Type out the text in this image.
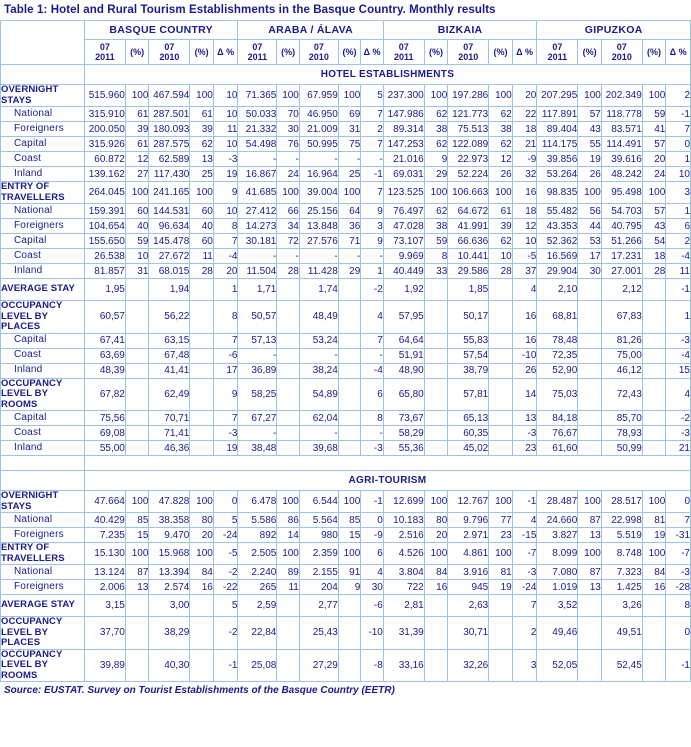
Table 1: Hotel and Rural Tourism Establishments in the Basque Country. Monthly results
	BASQUE COUNTRY					ARABA / ÁLAVA					BIZKAIA					GIPUZKOA				

	07
2011	(%)	07
2010	(%)	Δ %	07
2011	(%)	07
2010	(%)	Δ %	07
2011	(%)	07
2010	(%)	Δ %	07
2011	(%)	07
2010	(%)	Δ %
	HOTEL ESTABLISHMENTS																			
OVERNIGHT STAYS	515.960	100	467.594	100	10	71.365	100	67.959	100	5	237.300	100	197.286	100	20	207.295	100	202.349	100	2
National	315.910	61	287.501	61	10	50.033	70	46.950	69	7	147.986	62	121.773	62	22	117.891	57	118.778	59	-1
Foreigners	200.050	39	180.093	39	11	21.332	30	21.009	31	2	89.314	38	75.513	38	18	89.404	43	83.571	41	7
Capital	315.926	61	287.575	62	10	54.498	76	50.995	75	7	147.253	62	122.089	62	21	114.175	55	114.491	57	0
Coast	60.872	12	62.589	13	-3	-	-	-	-	-	21.016	9	22.973	12	-9	39.856	19	39.616	20	1
Inland	139.162	27	117.430	25	19	16.867	24	16.964	25	-1	69.031	29	52.224	26	32	53.264	26	48.242	24	10
ENTRY OF TRAVELLERS	264.045	100	241.165	100	9	41.685	100	39.004	100	7	123.525	100	106.663	100	16	98.835	100	95.498	100	3
National	159.391	60	144.531	60	10	27.412	66	25.156	64	9	76.497	62	64.672	61	18	55.482	56	54.703	57	1
Foreigners	104.654	40	96.634	40	8	14.273	34	13.848	36	3	47.028	38	41.991	39	12	43.353	44	40.795	43	6
Capital	155.650	59	145.478	60	7	30.181	72	27.576	71	9	73.107	59	66.636	62	10	52.362	53	51.266	54	2
Coast	26.538	10	27.672	11	-4	-	-	-	-	-	9.969	8	10.441	10	-5	16.569	17	17.231	18	-4
Inland	81.857	31	68.015	28	20	11.504	28	11.428	29	1	40.449	33	29.586	28	37	29.904	30	27.001	28	11
AVERAGE STAY	1,95		1,94		1	1,71		1,74		-2	1,92		1,85		4	2,10		2,12		-1
OCCUPANCY LEVEL BY PLACES	60,57		56,22		8	50,57		48,49		4	57,95		50,17		16	68,81		67,83		1
Capital	67,41		63,15		7	57,13		53,24		7	64,64		55,83		16	78,48		81,26		-3
Coast	63,69		67,48		-6	-		-		-	51,91		57,54		-10	72,35		75,00		-4
Inland	48,39		41,41		17	36,89		38,24		-4	48,90		38,79		26	52,90		46,12		15
OCCUPANCY LEVEL BY ROOMS	67,82		62,49		9	58,25		54,89		6	65,80		57,81		14	75,03		72,43		4
Capital	75,56		70,71		7	67,27		62,04		8	73,67		65,13		13	84,18		85,70		-2
Coast	69,08		71,41		-3	-		-		-	58,29		60,35		-3	76,67		78,93		-3
Inland	55,00		46,36		19	38,48		39,68		-3	55,36		45,02		23	61,60		50,99		21

	AGRI-TOURISM																			
OVERNIGHT STAYS	47.664	100	47.828	100	0	6.478	100	6.544	100	-1	12.699	100	12.767	100	-1	28.487	100	28.517	100	0
National	40.429	85	38.358	80	5	5.586	86	5.564	85	0	10.183	80	9.796	77	4	24.660	87	22.998	81	7
Foreigners	7.235	15	9.470	20	-24	892	14	980	15	-9	2.516	20	2.971	23	-15	3.827	13	5.519	19	-31
ENTRY OF TRAVELLERS	15.130	100	15.968	100	-5	2.505	100	2.359	100	6	4.526	100	4.861	100	-7	8.099	100	8.748	100	-7
National	13.124	87	13.394	84	-2	2.240	89	2.155	91	4	3.804	84	3.916	81	-3	7.080	87	7.323	84	-3
Foreigners	2.006	13	2.574	16	-22	265	11	204	9	30	722	16	945	19	-24	1.019	13	1.425	16	-28
AVERAGE STAY	3,15		3,00		5	2,59		2,77		-6	2,81		2,63		7	3,52		3,26		8
OCCUPANCY LEVEL BY PLACES	37,70		38,29		-2	22,84		25,43		-10	31,39		30,71		2	49,46		49,51		0
OCCUPANCY LEVEL BY ROOMS	39,89		40,30		-1	25,08		27,29		-8	33,16		32,26		3	52,05		52,45		-1
Source: EUSTAT. Survey on Tourist Establishments of the Basque Country (EETR)
